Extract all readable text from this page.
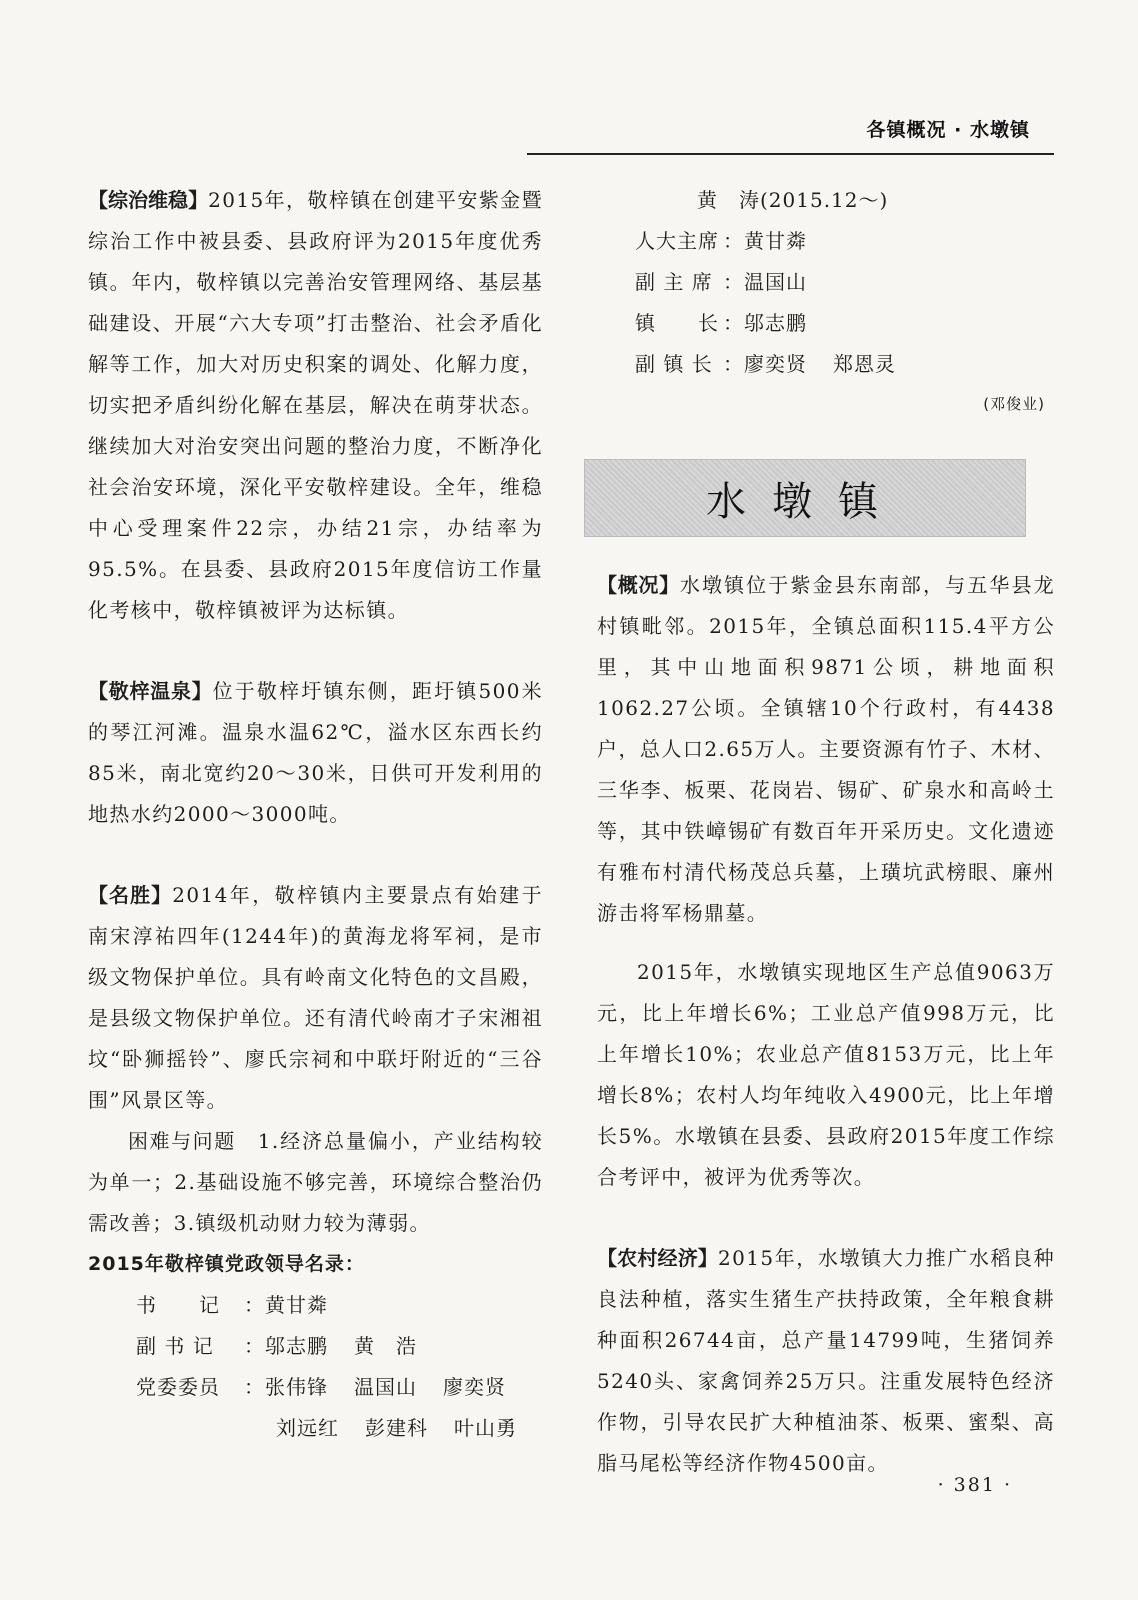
各镇概况 · 水墩镇

【综治维稳】2015年，敬梓镇在创建平安紫金暨综治工作中被县委、县政府评为2015年度优秀镇。年内，敬梓镇以完善治安管理网络、基层基础建设、开展“六大专项”打击整治、社会矛盾化解等工作，加大对历史积案的调处、化解力度，切实把矛盾纠纷化解在基层，解决在萌芽状态。继续加大对治安突出问题的整治力度，不断净化社会治安环境，深化平安敬梓建设。全年，维稳中心受理案件22宗，办结21宗，办结率为95.5%。在县委、县政府2015年度信访工作量化考核中，敬梓镇被评为达标镇。

【敬梓温泉】位于敬梓圩镇东侧，距圩镇500米的琴江河滩。温泉水温62℃，溢水区东西长约85米，南北宽约20～30米，日供可开发利用的地热水约2000～3000吨。

【名胜】2014年，敬梓镇内主要景点有始建于南宋淳祐四年(1244年)的黄海龙将军祠，是市级文物保护单位。具有岭南文化特色的文昌殿，是县级文物保护单位。还有清代岭南才子宋湘祖坟“卧狮摇铃”、廖氏宗祠和中联圩附近的“三谷围”风景区等。

困难与问题　 1.经济总量偏小，产业结构较为单一；2.基础设施不够完善，环境综合整治仍需改善；3.镇级机动财力较为薄弱。

2015年敬梓镇党政领导名录：
书　　记	： 黄甘粦
副 书 记	： 邬志鹏 黄　浩
党委委员	： 张伟锋 温国山 廖奕贤
刘远红 彭建科 叶山勇
黄　涛(2015.12～)
人大主席 ： 黄甘粦
副 主 席 ： 温国山
镇　　长 ： 邬志鹏
副 镇 长 ： 廖奕贤 郑恩灵
(邓俊业)
水墩镇

【概况】水墩镇位于紫金县东南部，与五华县龙村镇毗邻。2015年，全镇总面积115.4平方公里，其中山地面积9871公顷，耕地面积1062.27公顷。全镇辖10个行政村，有4438户，总人口2.65万人。主要资源有竹子、木材、三华李、板栗、花岗岩、锡矿、矿泉水和高岭土等，其中铁嶂锡矿有数百年开采历史。文化遗迹有雅布村清代杨茂总兵墓，上璜坑武榜眼、廉州游击将军杨鼎墓。

2015年，水墩镇实现地区生产总值9063万元，比上年增长6%；工业总产值998万元，比上年增长10%；农业总产值8153万元，比上年增长8%；农村人均年纯收入4900元，比上年增长5%。水墩镇在县委、县政府2015年度工作综合考评中，被评为优秀等次。

【农村经济】2015年，水墩镇大力推广水稻良种良法种植，落实生猪生产扶持政策，全年粮食耕种面积26744亩，总产量14799吨，生猪饲养5240头、家禽饲养25万只。注重发展特色经济作物，引导农民扩大种植油茶、板栗、蜜梨、高脂马尾松等经济作物4500亩。

· 381 ·
